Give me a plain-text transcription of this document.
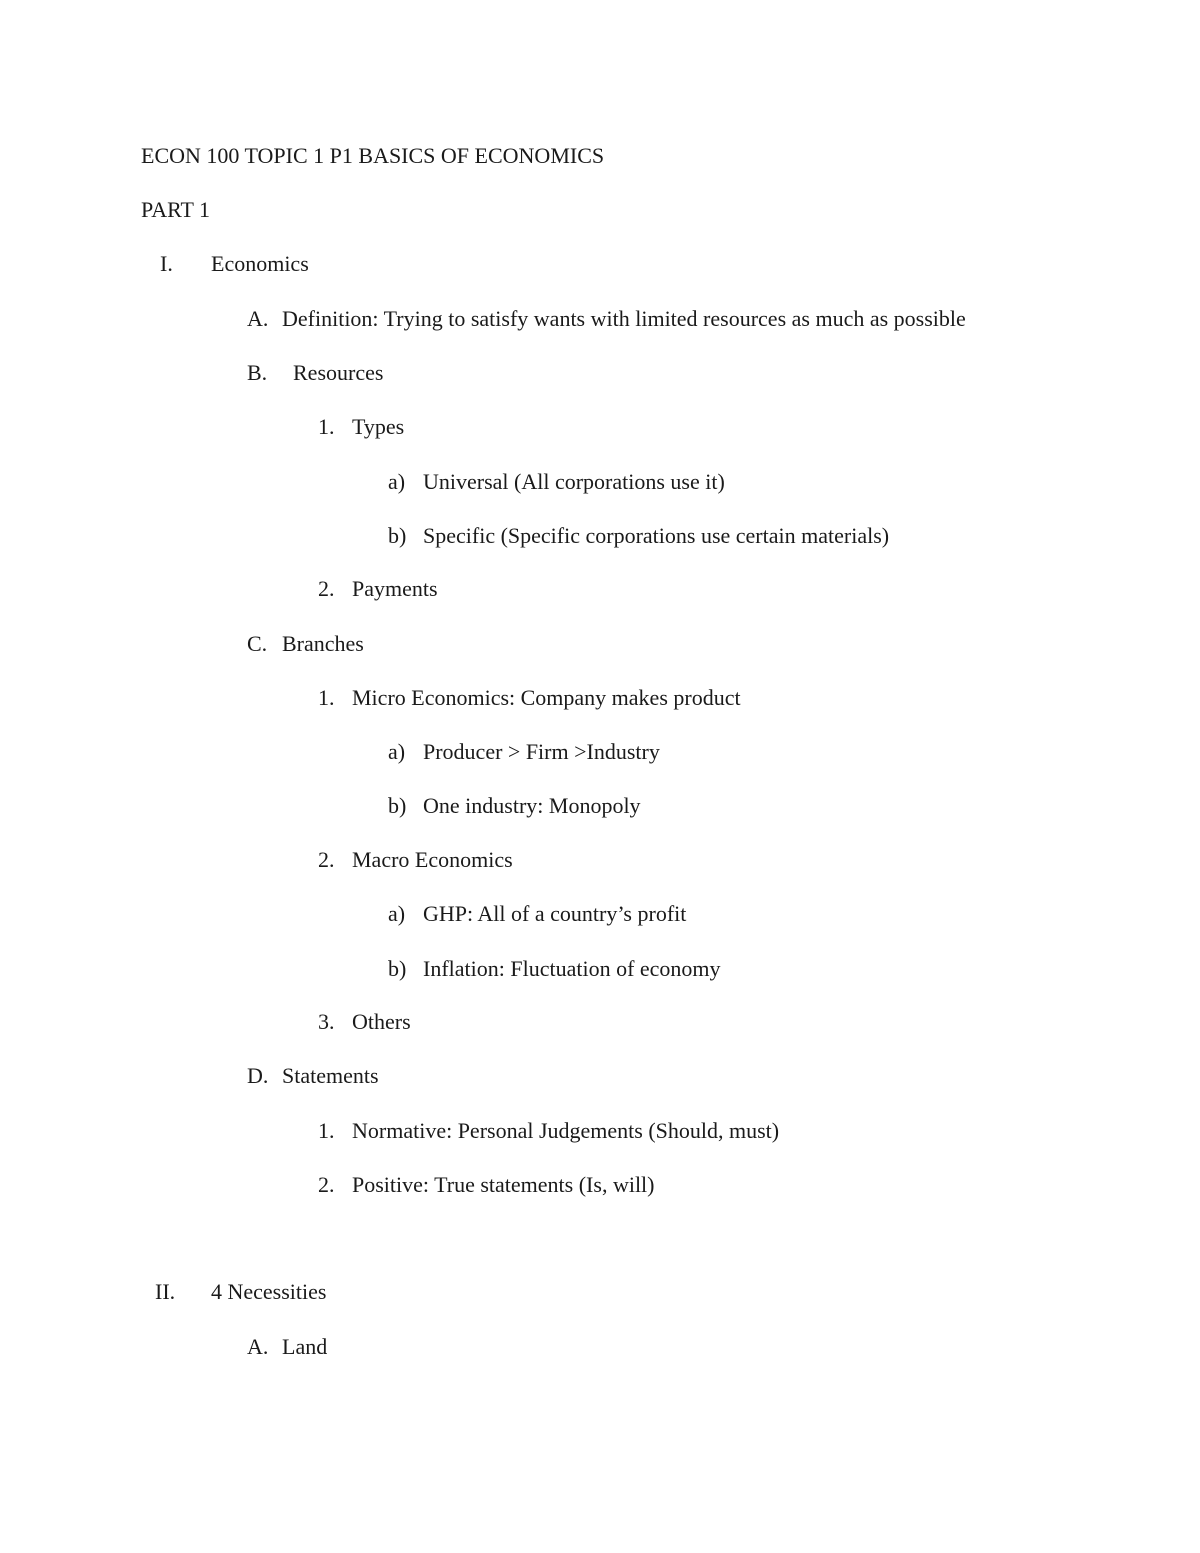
ECON 100 TOPIC 1 P1 BASICS OF ECONOMICS
PART 1
I. Economics
A. Definition: Trying to satisfy wants with limited resources as much as possible
B. Resources
1. Types
a) Universal (All corporations use it)
b) Specific (Specific corporations use certain materials)
2. Payments
C. Branches
1. Micro Economics: Company makes product
a) Producer > Firm >Industry
b) One industry: Monopoly
2. Macro Economics
a) GHP: All of a country’s profit
b) Inflation: Fluctuation of economy
3. Others
D. Statements
1. Normative: Personal Judgements (Should, must)
2. Positive: True statements (Is, will)
II. 4 Necessities
A. Land
